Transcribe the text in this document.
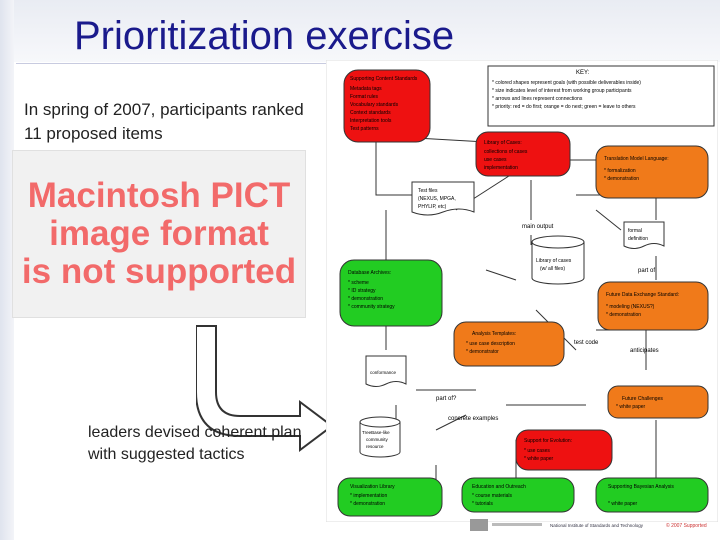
Prioritization exercise
In spring of 2007, participants ranked 11 proposed items
Macintosh PICT
image format
is not supported
leaders devised coherent plan with suggested tactics
KEY:
* colored shapes represent goals (with possible deliverables inside)
* size indicates level of interest from working group participants
* arrows and lines represent connections
* priority: red = do first; orange = do next; green = leave to others
Supporting Content Standards
Metadata tags
Format rules
Vocabulary standards
Context standards
Interpretation tools
Test patterns
Library of Cases:
collections of cases
use cases
implementation
Translation Model Language:
* formalization
* demonstration
Test files
(NEXUS, MPGA,
PHYLIP, etc)
main output
Library of cases
(w/ all files)
formal
definition
part of
Database Archives:
* scheme
* ID strategy
* demonstration
* community strategy
Future Data Exchange Standard:
* modeling (NEXUS?)
* demonstration
Analysis Templates:
* use case description
* demonstrator
test code
anticipates
conformance
part of?	Future Challenges
* white paper
concrete examples
TreeBase-like
community
resource
Support for Evolution:
* use cases
* white paper
Visualization Library
* implementation
* demonstration
Education and Outreach
* course materials
* tutorials
Supporting Bayesian Analysis
* white paper
National Institute of Standards and Technology	© 2007 Supported
